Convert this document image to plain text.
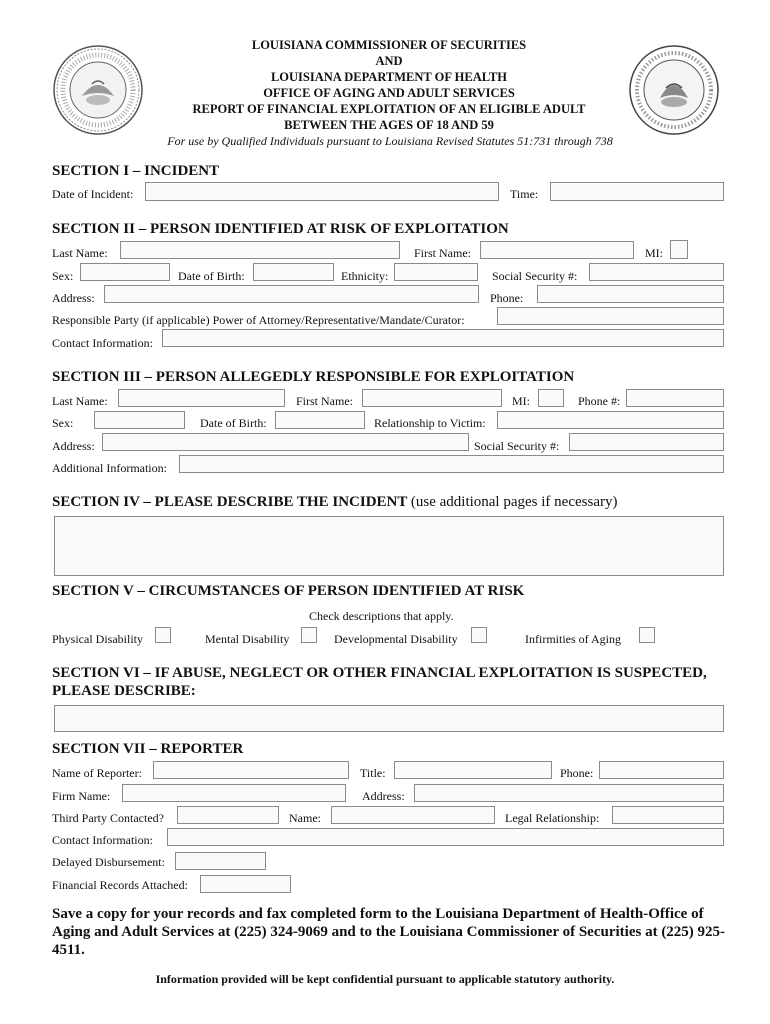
LOUISIANA COMMISSIONER OF SECURITIES
AND
LOUISIANA DEPARTMENT OF HEALTH
OFFICE OF AGING AND ADULT SERVICES
REPORT OF FINANCIAL EXPLOITATION OF AN ELIGIBLE ADULT
BETWEEN THE AGES OF 18 AND 59
For use by Qualified Individuals pursuant to Louisiana Revised Statutes 51:731 through 738
SECTION I – INCIDENT
Date of Incident:	Time:
SECTION II – PERSON IDENTIFIED AT RISK OF EXPLOITATION
Last Name:	First Name:	MI:
Sex:	Date of Birth:	Ethnicity:	Social Security #:
Address:	Phone:
Responsible Party (if applicable) Power of Attorney/Representative/Mandate/Curator:
Contact Information:
SECTION III – PERSON ALLEGEDLY RESPONSIBLE FOR EXPLOITATION
Last Name:	First Name:	MI:	Phone #:
Sex:	Date of Birth:	Relationship to Victim:
Address:	Social Security #:
Additional Information:
SECTION IV – PLEASE DESCRIBE THE INCIDENT (use additional pages if necessary)
SECTION V – CIRCUMSTANCES OF PERSON IDENTIFIED AT RISK
Check descriptions that apply.
Physical Disability	Mental Disability	Developmental Disability	Infirmities of Aging
SECTION VI – IF ABUSE, NEGLECT OR OTHER FINANCIAL EXPLOITATION IS SUSPECTED,
PLEASE DESCRIBE:
SECTION VII – REPORTER
Name of Reporter:	Title:	Phone:
Firm Name:	Address:
Third Party Contacted?	Name:	Legal Relationship:
Contact Information:
Delayed Disbursement:
Financial Records Attached:
Save a copy for your records and fax completed form to the Louisiana Department of Health-Office of Aging and Adult Services at (225) 324-9069 and to the Louisiana Commissioner of Securities at (225) 925-4511.
Information provided will be kept confidential pursuant to applicable statutory authority.
